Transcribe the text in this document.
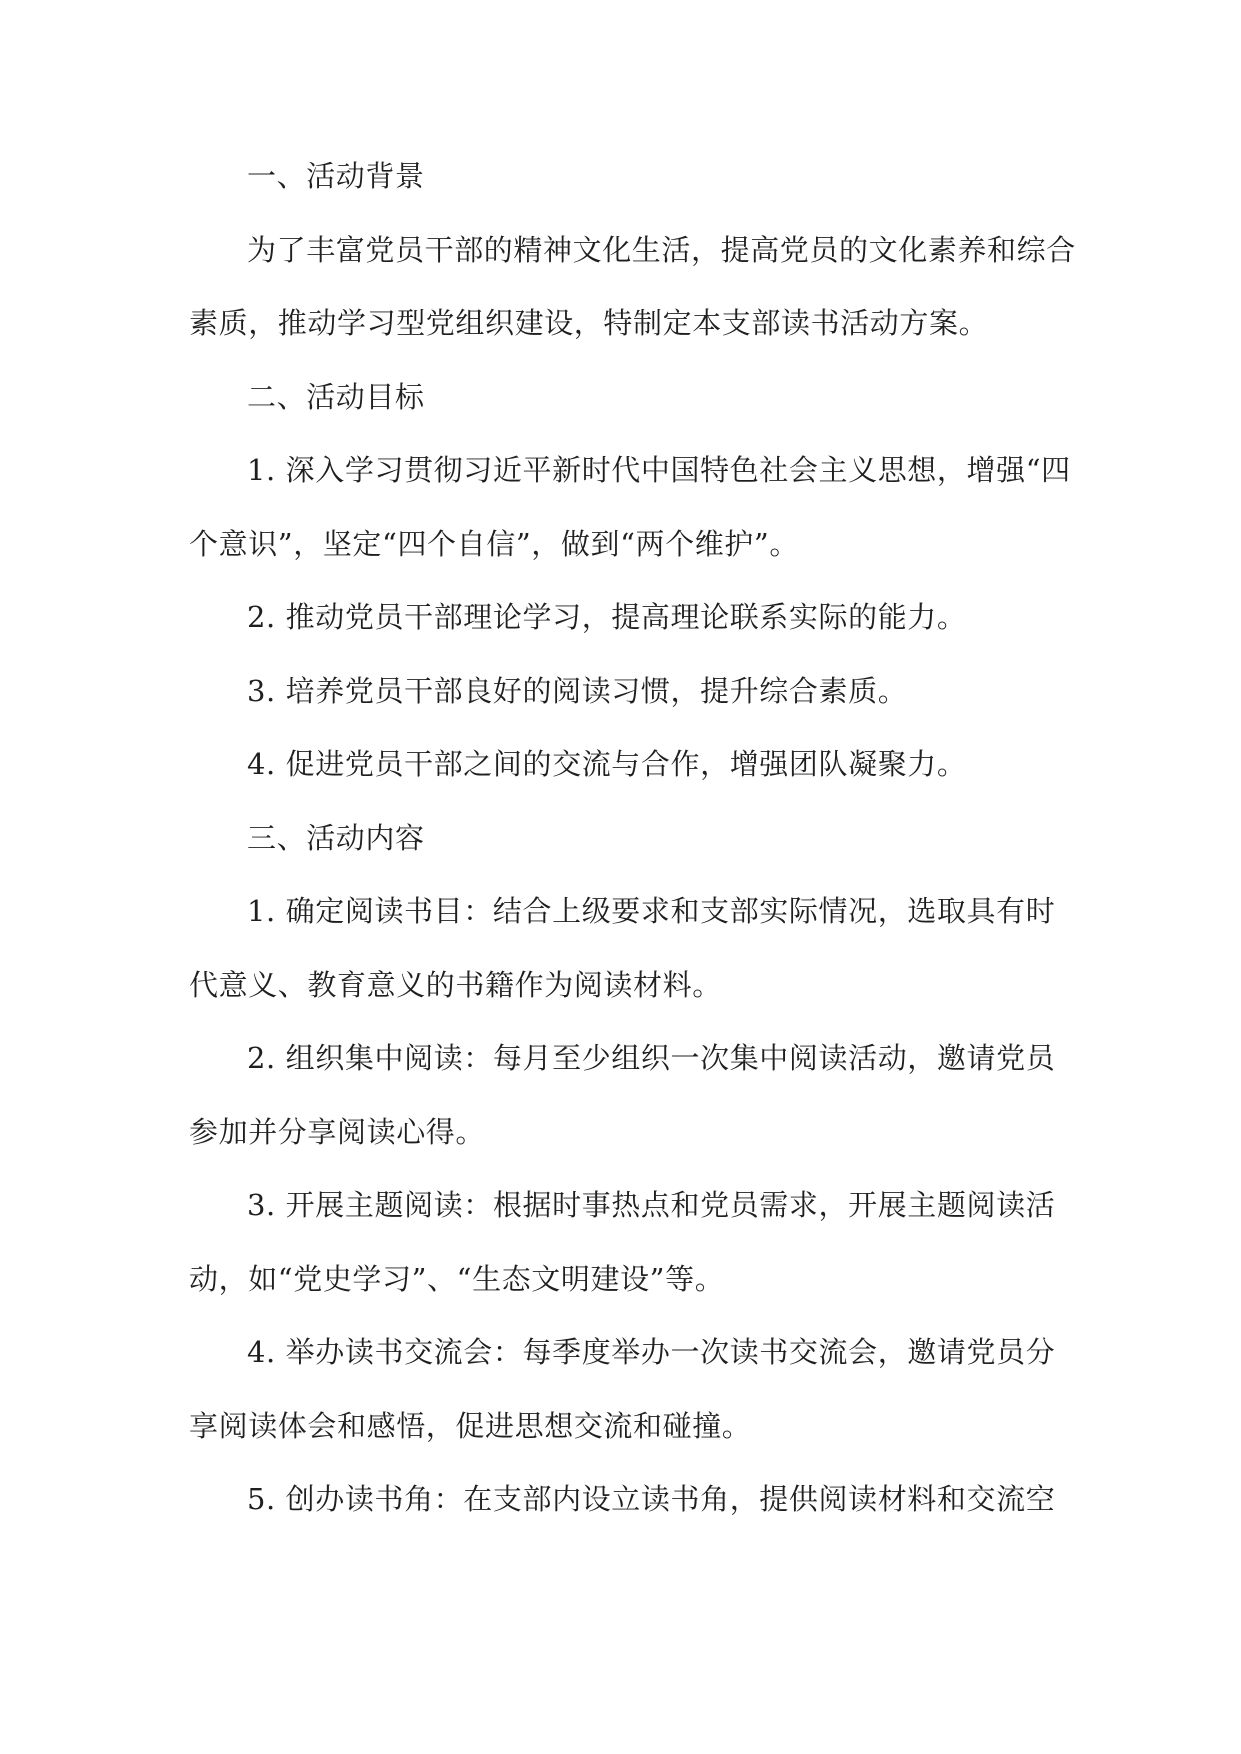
一、活动背景
为了丰富党员干部的精神文化生活，提高党员的文化素养和综合
素质，推动学习型党组织建设，特制定本支部读书活动方案。
二、活动目标
1. 深入学习贯彻习近平新时代中国特色社会主义思想，增强“四
个意识”，坚定“四个自信”，做到“两个维护”。
2. 推动党员干部理论学习，提高理论联系实际的能力。
3. 培养党员干部良好的阅读习惯，提升综合素质。
4. 促进党员干部之间的交流与合作，增强团队凝聚力。
三、活动内容
1. 确定阅读书目：结合上级要求和支部实际情况，选取具有时
代意义、教育意义的书籍作为阅读材料。
2. 组织集中阅读：每月至少组织一次集中阅读活动，邀请党员
参加并分享阅读心得。
3. 开展主题阅读：根据时事热点和党员需求，开展主题阅读活
动，如“党史学习”、“生态文明建设”等。
4. 举办读书交流会：每季度举办一次读书交流会，邀请党员分
享阅读体会和感悟，促进思想交流和碰撞。
5. 创办读书角：在支部内设立读书角，提供阅读材料和交流空
